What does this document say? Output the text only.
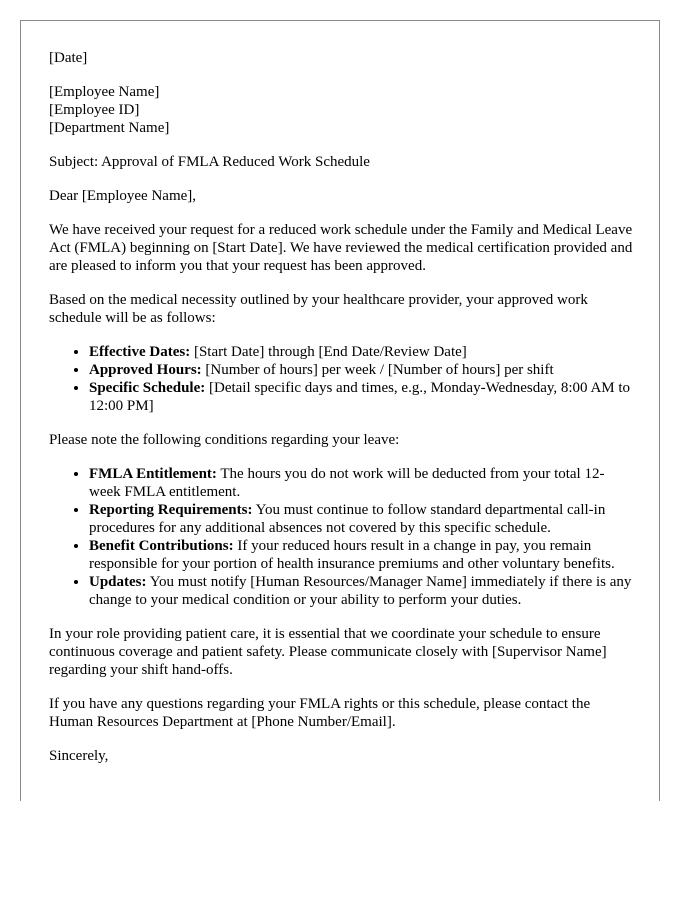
[Date]

[Employee Name]

[Employee ID]

[Department Name]

Subject: Approval of FMLA Reduced Work Schedule

Dear [Employee Name],

We have received your request for a reduced work schedule under the Family and Medical Leave Act (FMLA) beginning on [Start Date]. We have reviewed the medical certification provided and are pleased to inform you that your request has been approved.

Based on the medical necessity outlined by your healthcare provider, your approved work schedule will be as follows:

• Effective Dates: [Start Date] through [End Date/Review Date]
• Approved Hours: [Number of hours] per week / [Number of hours] per shift
• Specific Schedule: [Detail specific days and times, e.g., Monday-Wednesday, 8:00 AM to 12:00 PM]

Please note the following conditions regarding your leave:

• FMLA Entitlement: The hours you do not work will be deducted from your total 12-week FMLA entitlement.
• Reporting Requirements: You must continue to follow standard departmental call-in procedures for any additional absences not covered by this specific schedule.
• Benefit Contributions: If your reduced hours result in a change in pay, you remain responsible for your portion of health insurance premiums and other voluntary benefits.
• Updates: You must notify [Human Resources/Manager Name] immediately if there is any change to your medical condition or your ability to perform your duties.

In your role providing patient care, it is essential that we coordinate your schedule to ensure continuous coverage and patient safety. Please communicate closely with [Supervisor Name] regarding your shift hand-offs.

If you have any questions regarding your FMLA rights or this schedule, please contact the Human Resources Department at [Phone Number/Email].

Sincerely,
